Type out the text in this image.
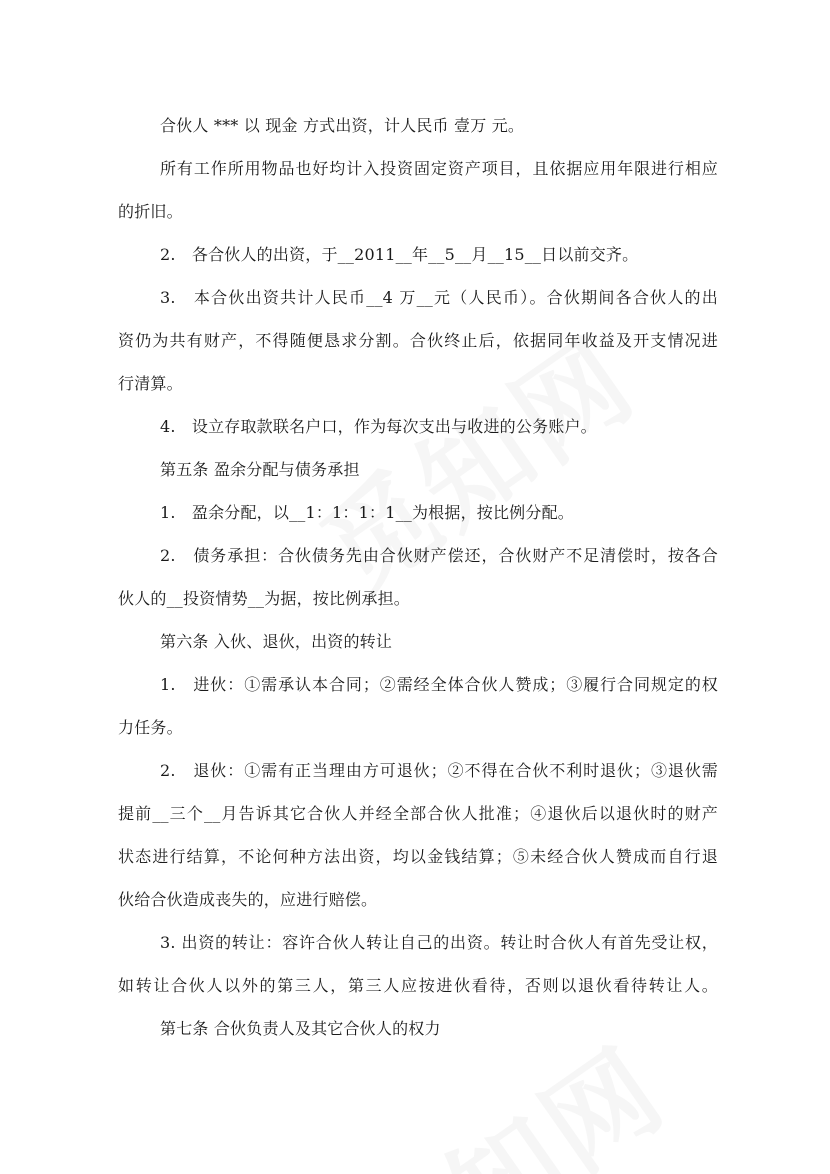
合伙人 *** 以 现金 方式出资，计人民币 壹万 元。
所有工作所用物品也好均计入投资固定资产项目，且依据应用年限进行相应
的折旧。
2.　各合伙人的出资，于__2011__年__5__月__15__日以前交齐。
3.　本合伙出资共计人民币__4 万__元（人民币）。合伙期间各合伙人的出
资仍为共有财产，不得随便恳求分割。合伙终止后，依据同年收益及开支情况进
行清算。
4.　设立存取款联名户口，作为每次支出与收进的公务账户。
第五条 盈余分配与债务承担
1.　盈余分配，以__1：1：1：1__为根据，按比例分配。
2.　债务承担：合伙债务先由合伙财产偿还，合伙财产不足清偿时，按各合
伙人的__投资情势__为据，按比例承担。
第六条 入伙、退伙，出资的转让
1.　进伙：①需承认本合同；②需经全体合伙人赞成；③履行合同规定的权
力任务。
2.　退伙：①需有正当理由方可退伙；②不得在合伙不利时退伙；③退伙需
提前__三个__月告诉其它合伙人并经全部合伙人批准；④退伙后以退伙时的财产
状态进行结算，不论何种方法出资，均以金钱结算；⑤未经合伙人赞成而自行退
伙给合伙造成丧失的，应进行赔偿。
3. 出资的转让：容许合伙人转让自己的出资。转让时合伙人有首先受让权，
如转让合伙人以外的第三人，第三人应按进伙看待，否则以退伙看待转让人。
第七条 合伙负责人及其它合伙人的权力
